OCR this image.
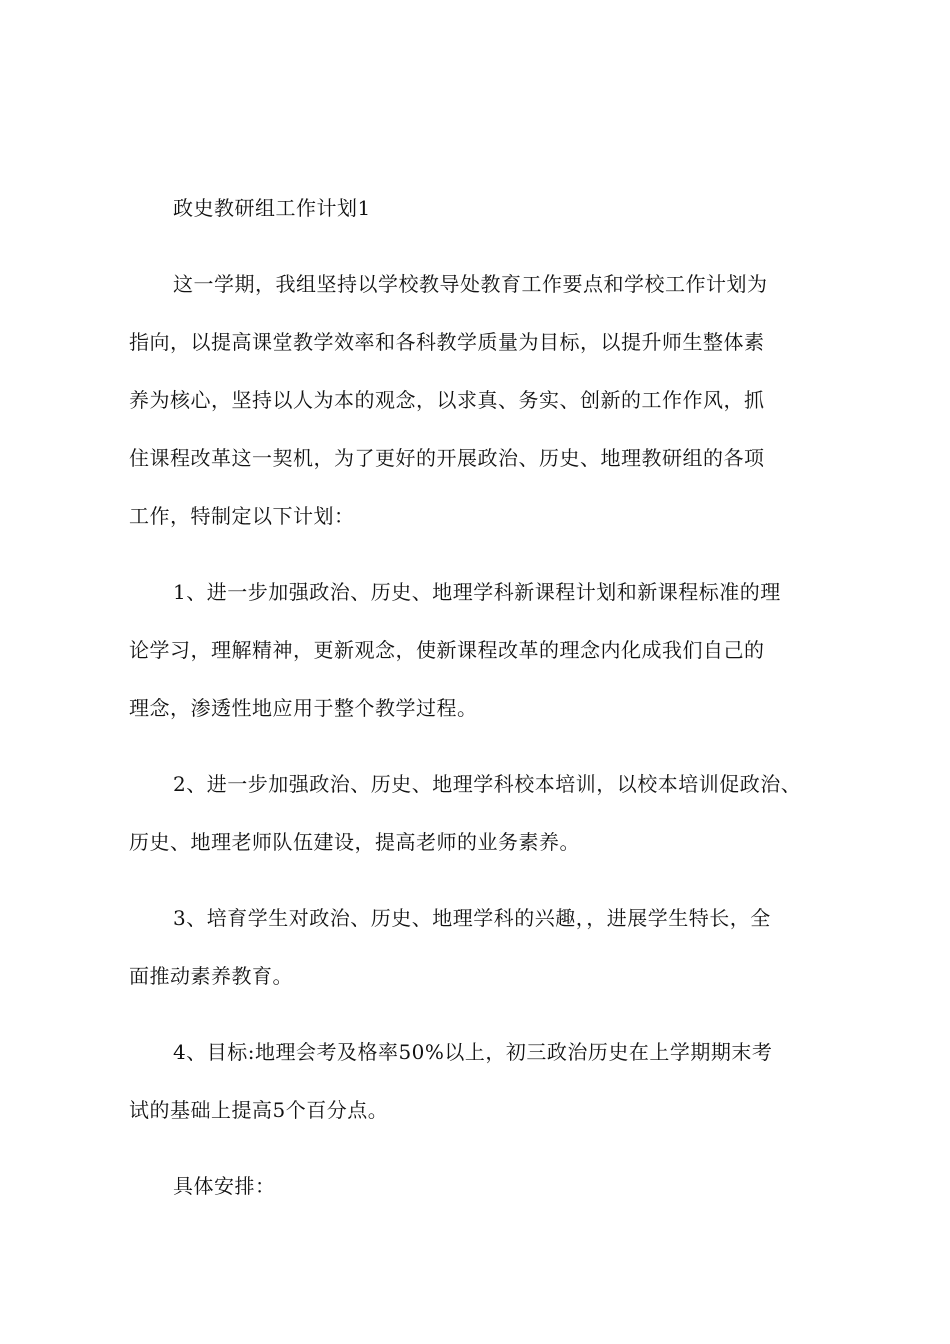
政史教研组工作计划1

这一学期，我组坚持以学校教导处教育工作要点和学校工作计划为
指向，以提高课堂教学效率和各科教学质量为目标，以提升师生整体素
养为核心，坚持以人为本的观念，以求真、务实、创新的工作作风，抓
住课程改革这一契机，为了更好的开展政治、历史、地理教研组的各项
工作，特制定以下计划：

1、进一步加强政治、历史、地理学科新课程计划和新课程标准的理
论学习，理解精神，更新观念，使新课程改革的理念内化成我们自己的
理念，渗透性地应用于整个教学过程。

2、进一步加强政治、历史、地理学科校本培训，以校本培训促政治、
历史、地理老师队伍建设，提高老师的业务素养。

3、培育学生对政治、历史、地理学科的兴趣，，进展学生特长，全
面推动素养教育。

4、目标:地理会考及格率50%以上，初三政治历史在上学期期末考
试的基础上提高5个百分点。

具体安排：
